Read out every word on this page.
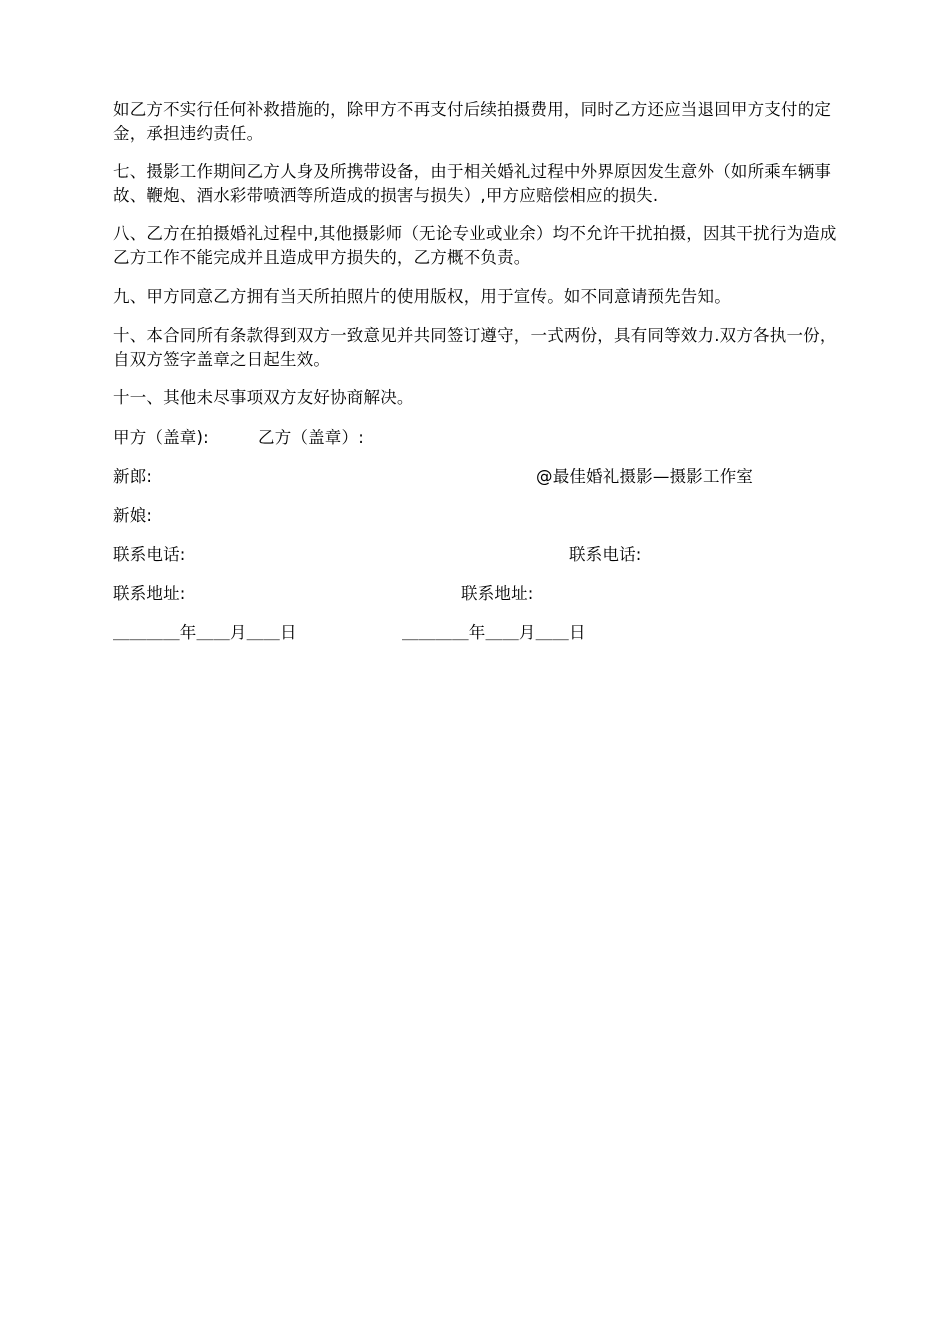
如乙方不实行任何补救措施的，除甲方不再支付后续拍摄费用，同时乙方还应当退回甲方支付的定金，承担违约责任。

七、摄影工作期间乙方人身及所携带设备，由于相关婚礼过程中外界原因发生意外（如所乘车辆事故、鞭炮、酒水彩带喷洒等所造成的损害与损失）,甲方应赔偿相应的损失.

八、乙方在拍摄婚礼过程中,其他摄影师（无论专业或业余）均不允许干扰拍摄，因其干扰行为造成乙方工作不能完成并且造成甲方损失的，乙方概不负责。

九、甲方同意乙方拥有当天所拍照片的使用版权，用于宣传。如不同意请预先告知。

十、本合同所有条款得到双方一致意见并共同签订遵守，一式两份，具有同等效力.双方各执一份，自双方签字盖章之日起生效。

十一、其他未尽事项双方友好协商解决。

甲方（盖章):	乙方（盖章）:
新郎:	@最佳婚礼摄影—摄影工作室
新娘:
联系电话:	联系电话:
联系地址:	联系地址:
＿＿＿＿年＿＿月＿＿日	＿＿＿＿年＿＿月＿＿日
